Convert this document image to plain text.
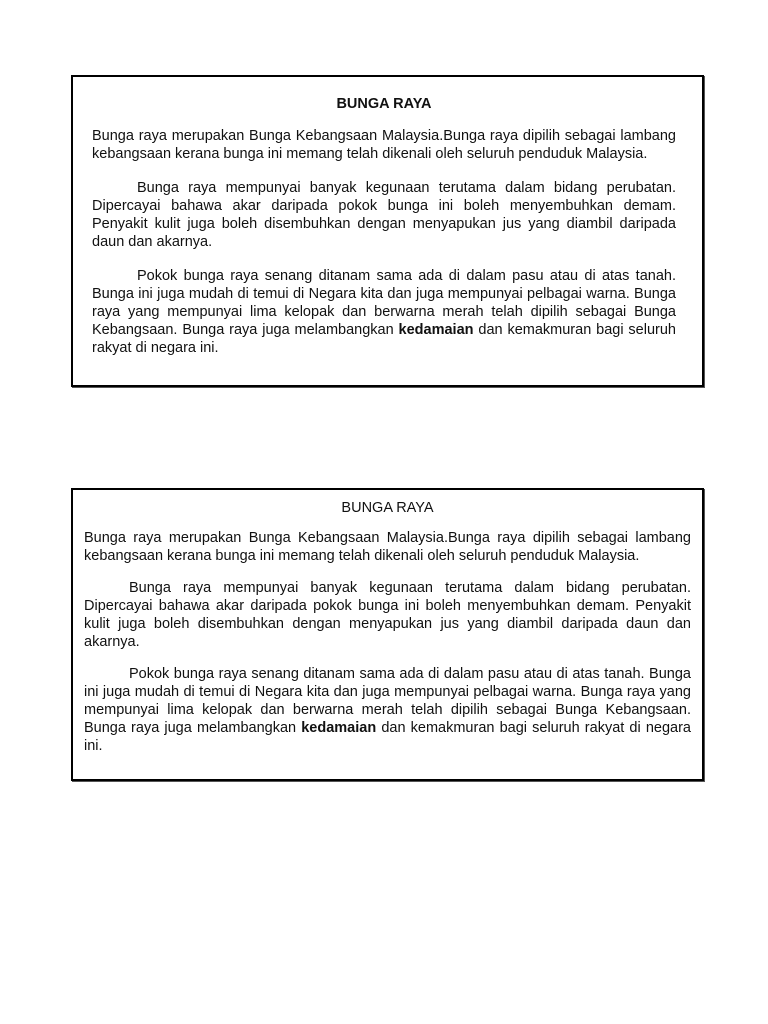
BUNGA RAYA

Bunga raya merupakan Bunga Kebangsaan Malaysia.Bunga raya dipilih sebagai lambang kebangsaan kerana bunga ini memang telah dikenali oleh seluruh penduduk Malaysia.

Bunga raya mempunyai banyak kegunaan terutama dalam bidang perubatan. Dipercayai bahawa akar daripada pokok bunga ini boleh menyembuhkan demam. Penyakit kulit juga boleh disembuhkan dengan menyapukan jus yang diambil daripada daun dan akarnya.

Pokok bunga raya senang ditanam sama ada di dalam pasu atau di atas tanah. Bunga ini juga mudah di temui di Negara kita dan juga mempunyai pelbagai warna. Bunga raya yang mempunyai lima kelopak dan berwarna merah telah dipilih sebagai Bunga Kebangsaan. Bunga raya juga melambangkan kedamaian dan kemakmuran bagi seluruh rakyat di negara ini.

BUNGA RAYA

Bunga raya merupakan Bunga Kebangsaan Malaysia.Bunga raya dipilih sebagai lambang kebangsaan kerana bunga ini memang telah dikenali oleh seluruh penduduk Malaysia.

Bunga raya mempunyai banyak kegunaan terutama dalam bidang perubatan. Dipercayai bahawa akar daripada pokok bunga ini boleh menyembuhkan demam. Penyakit kulit juga boleh disembuhkan dengan menyapukan jus yang diambil daripada daun dan akarnya.

Pokok bunga raya senang ditanam sama ada di dalam pasu atau di atas tanah. Bunga ini juga mudah di temui di Negara kita dan juga mempunyai pelbagai warna. Bunga raya yang mempunyai lima kelopak dan berwarna merah telah dipilih sebagai Bunga Kebangsaan. Bunga raya juga melambangkan kedamaian dan kemakmuran bagi seluruh rakyat di negara ini.
